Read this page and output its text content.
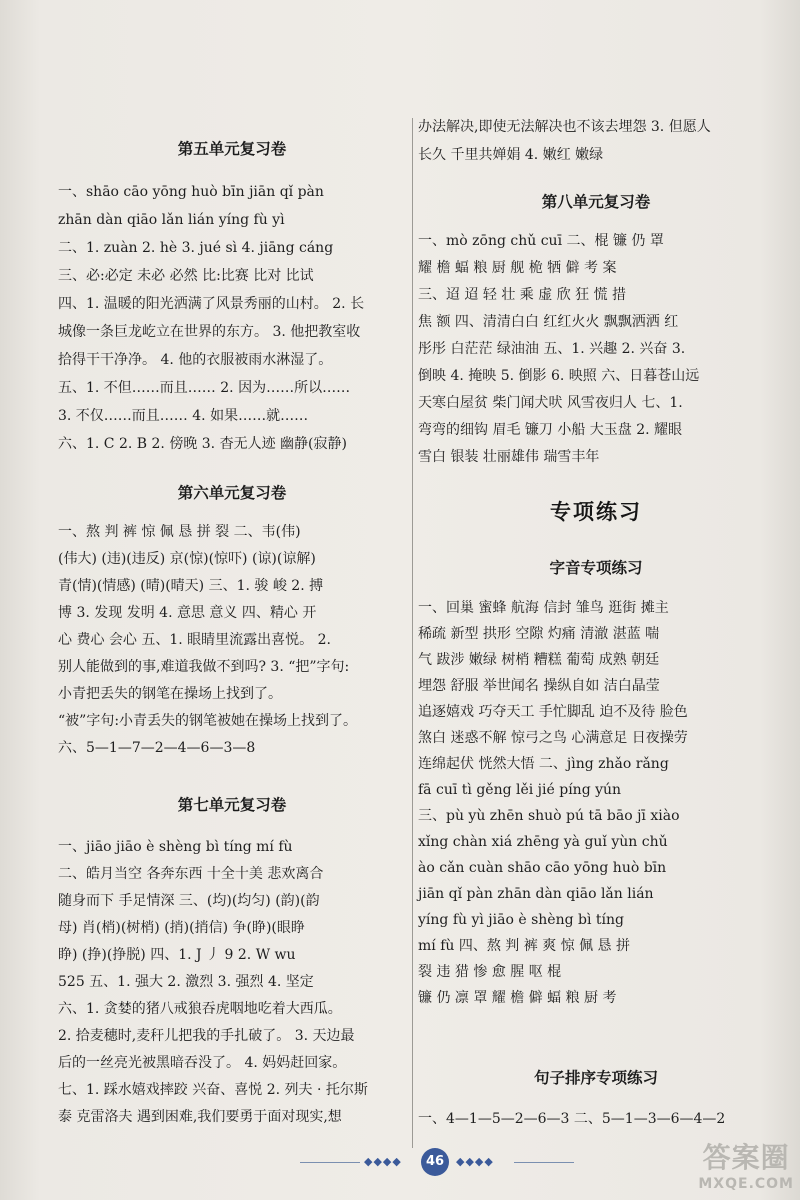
第五单元复习卷
一、shāo cāo yōng huò bīn jiān qǐ pàn
zhān dàn qiāo lǎn lián yíng fù yì
二、1. zuàn 2. hè 3. jué sì 4. jiāng cáng
三、必:必定 未必 必然 比:比赛 比对 比试
四、1. 温暖的阳光洒满了风景秀丽的山村。 2. 长
城像一条巨龙屹立在世界的东方。 3. 他把教室收
拾得干干净净。 4. 他的衣服被雨水淋湿了。
五、1. 不但……而且…… 2. 因为……所以……
3. 不仅……而且…… 4. 如果……就……
六、1. C 2. B 2. 傍晚 3. 杳无人迹 幽静(寂静)
第六单元复习卷
一、熬 判 裤 惊 佩 恳 拼 裂 二、韦(伟)
(伟大) (违)(违反) 京(惊)(惊吓) (谅)(谅解)
青(情)(情感) (晴)(晴天) 三、1. 骏 峻 2. 搏
博 3. 发现 发明 4. 意思 意义 四、精心 开
心 费心 会心 五、1. 眼睛里流露出喜悦。 2.
别人能做到的事,难道我做不到吗? 3. “把”字句:
小青把丢失的钢笔在操场上找到了。
“被”字句:小青丢失的钢笔被她在操场上找到了。
六、5—1—7—2—4—6—3—8
第七单元复习卷
一、jiāo jiāo è shèng bì tíng mí fù
二、皓月当空 各奔东西 十全十美 悲欢离合
随身而下 手足情深 三、(均)(均匀) (韵)(韵
母) 肖(梢)(树梢) (捎)(捎信) 争(睁)(眼睁
睁) (挣)(挣脱) 四、1. J 丿 9 2. W wu
525 五、1. 强大 2. 激烈 3. 强烈 4. 坚定
六、1. 贪婪的猪八戒狼吞虎咽地吃着大西瓜。
2. 拾麦穗时,麦秆儿把我的手扎破了。 3. 天边最
后的一丝亮光被黑暗吞没了。 4. 妈妈赶回家。
七、1. 踩水嬉戏摔跤 兴奋、喜悦 2. 列夫 · 托尔斯
泰 克雷洛夫 遇到困难,我们要勇于面对现实,想
办法解决,即使无法解决也不该去埋怨 3. 但愿人
长久 千里共婵娟 4. 嫩红 嫩绿
第八单元复习卷
一、mò zōng chǔ cuī 二、棍 镰 仍 罩
耀 檐 蝠 粮 厨 舰 桅 牺 僻 考 案
三、迢 迢 轻 壮 乘 虚 欣 狂 慌 措
焦 额 四、清清白白 红红火火 飘飘洒洒 红
彤彤 白茫茫 绿油油 五、1. 兴趣 2. 兴奋 3.
倒映 4. 掩映 5. 倒影 6. 映照 六、日暮苍山远
天寒白屋贫 柴门闻犬吠 风雪夜归人 七、1.
弯弯的细钩 眉毛 镰刀 小船 大玉盘 2. 耀眼
雪白 银装 壮丽雄伟 瑞雪丰年
专项练习
字音专项练习
一、回巢 蜜蜂 航海 信封 雏鸟 逛街 摊主
稀疏 新型 拱形 空隙 灼痛 清澈 湛蓝 喘
气 跋涉 嫩绿 树梢 糟糕 葡萄 成熟 朝廷
埋怨 舒服 举世闻名 操纵自如 洁白晶莹
追逐嬉戏 巧夺天工 手忙脚乱 迫不及待 脸色
煞白 迷惑不解 惊弓之鸟 心满意足 日夜操劳
连绵起伏 恍然大悟 二、jìng zhǎo rǎng
fā cuī tì gěng lěi jié píng yún
三、pù yù zhēn shuò pú tā bāo jī xiào
xǐng chàn xiá zhēng yà guǐ yùn chǔ
ào cǎn cuàn shāo cāo yōng huò bīn
jiān qǐ pàn zhān dàn qiāo lǎn lián
yíng fù yì jiāo è shèng bì tíng
mí fù 四、熬 判 裤 爽 惊 佩 恳 拼
裂 违 猎 惨 愈 腥 呕 棍
镰 仍 凛 罩 耀 檐 僻 蝠 粮 厨 考
句子排序专项练习
一、4—1—5—2—6—3 二、5—1—3—6—4—2
◆◆◆◆	46	◆◆◆◆	答案圈
MXQE.COM
